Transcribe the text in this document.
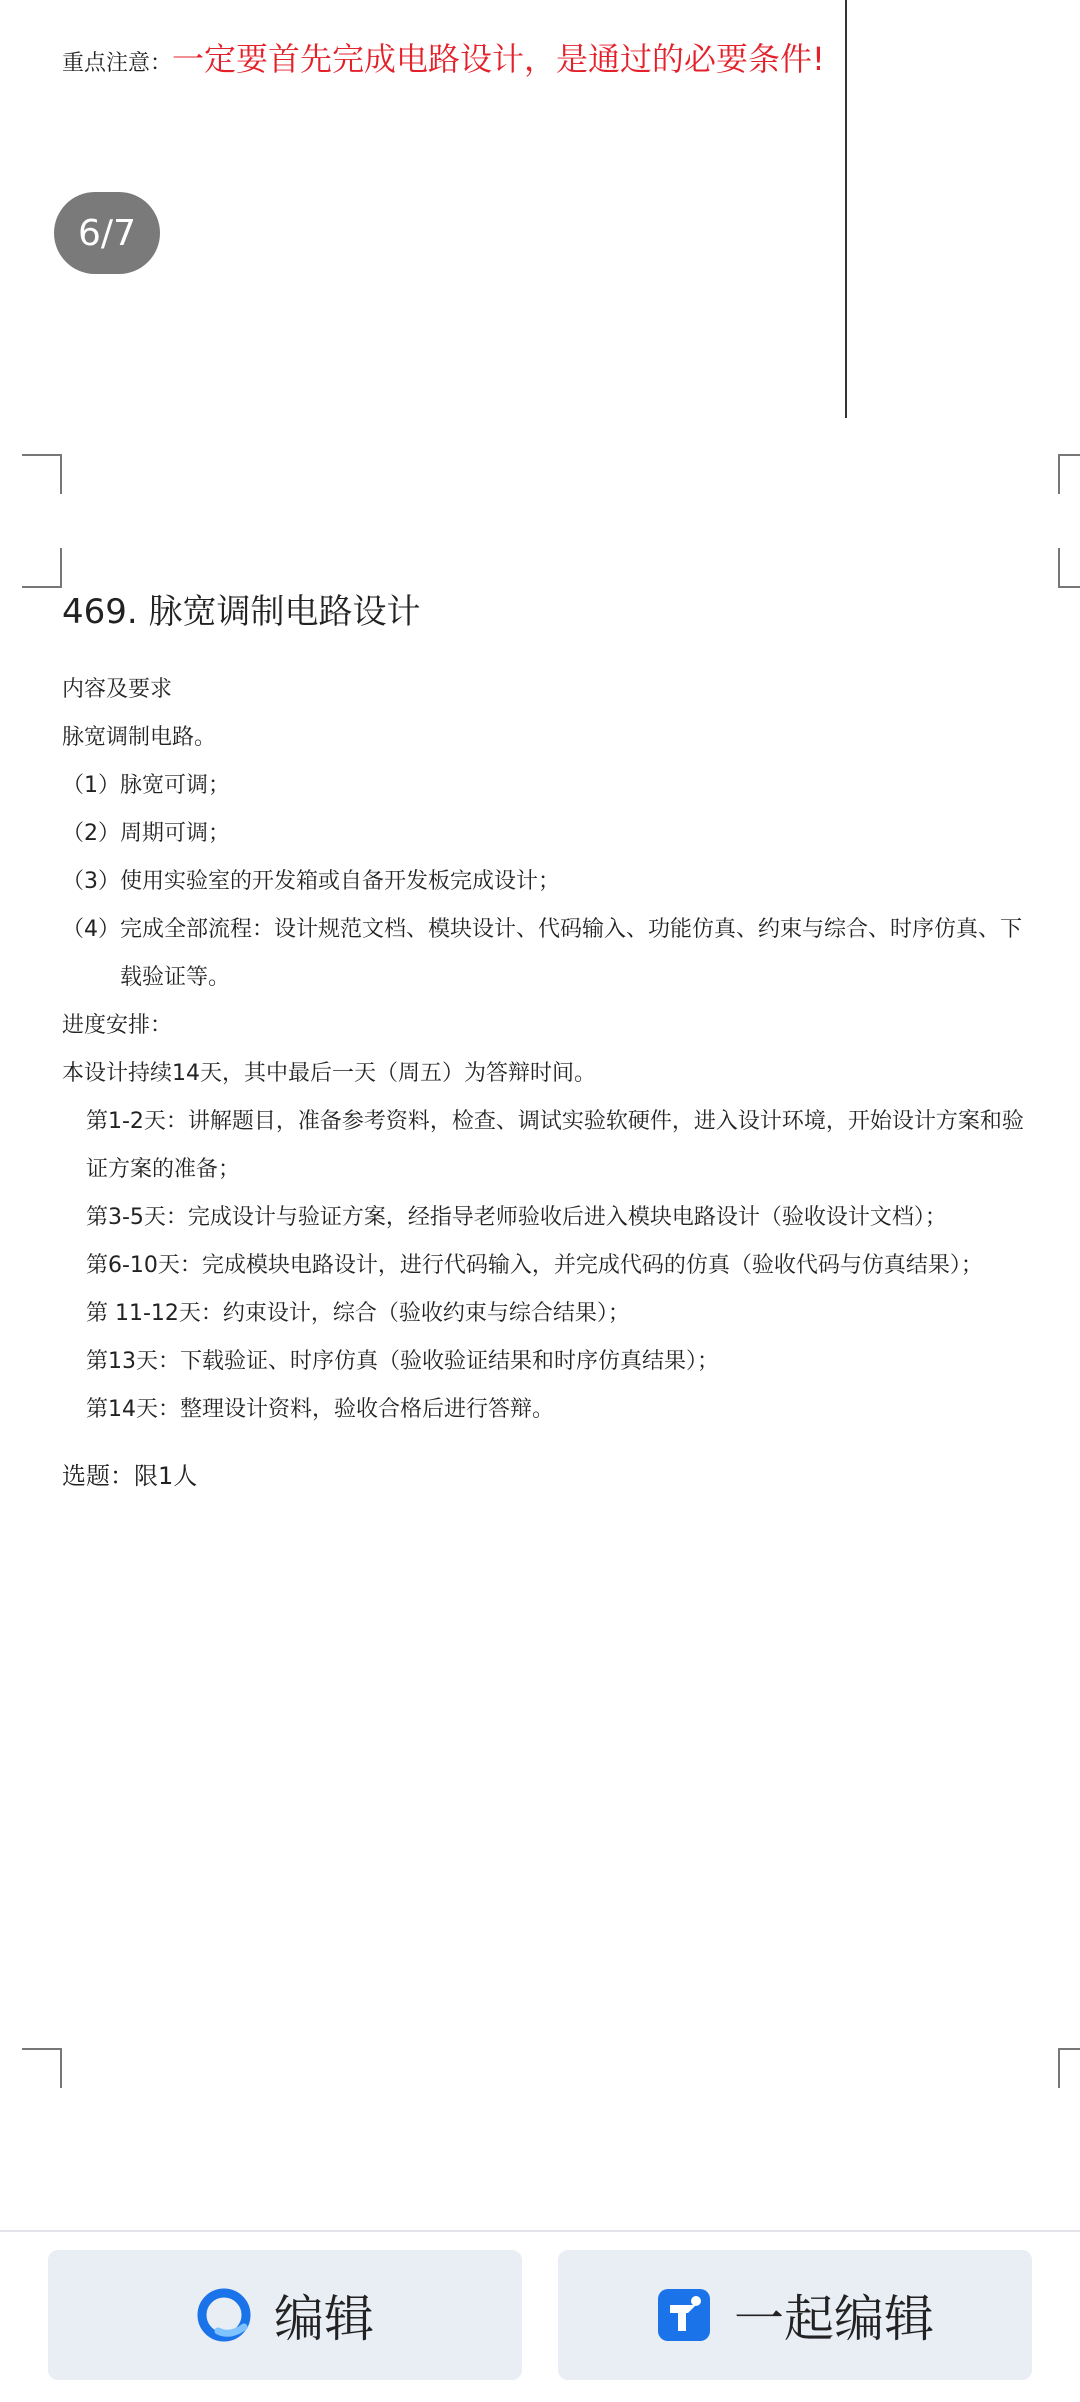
重点注意：一定要首先完成电路设计，是通过的必要条件!
6/7
469. 脉宽调制电路设计
内容及要求
脉宽调制电路。
（1）脉宽可调；
（2）周期可调；
（3）使用实验室的开发箱或自备开发板完成设计；
（4）完成全部流程：设计规范文档、模块设计、代码输入、功能仿真、约束与综合、时序仿真、下
载验证等。
进度安排：
本设计持续14天，其中最后一天（周五）为答辩时间。
第1-2天：讲解题目，准备参考资料，检查、调试实验软硬件，进入设计环境，开始设计方案和验
证方案的准备；
第3-5天：完成设计与验证方案，经指导老师验收后进入模块电路设计（验收设计文档）；
第6-10天：完成模块电路设计，进行代码输入，并完成代码的仿真（验收代码与仿真结果）；
第 11-12天：约束设计，综合（验收约束与综合结果）；
第13天：下载验证、时序仿真（验收验证结果和时序仿真结果）；
第14天：整理设计资料，验收合格后进行答辩。
选题：限1人
编辑	一起编辑
